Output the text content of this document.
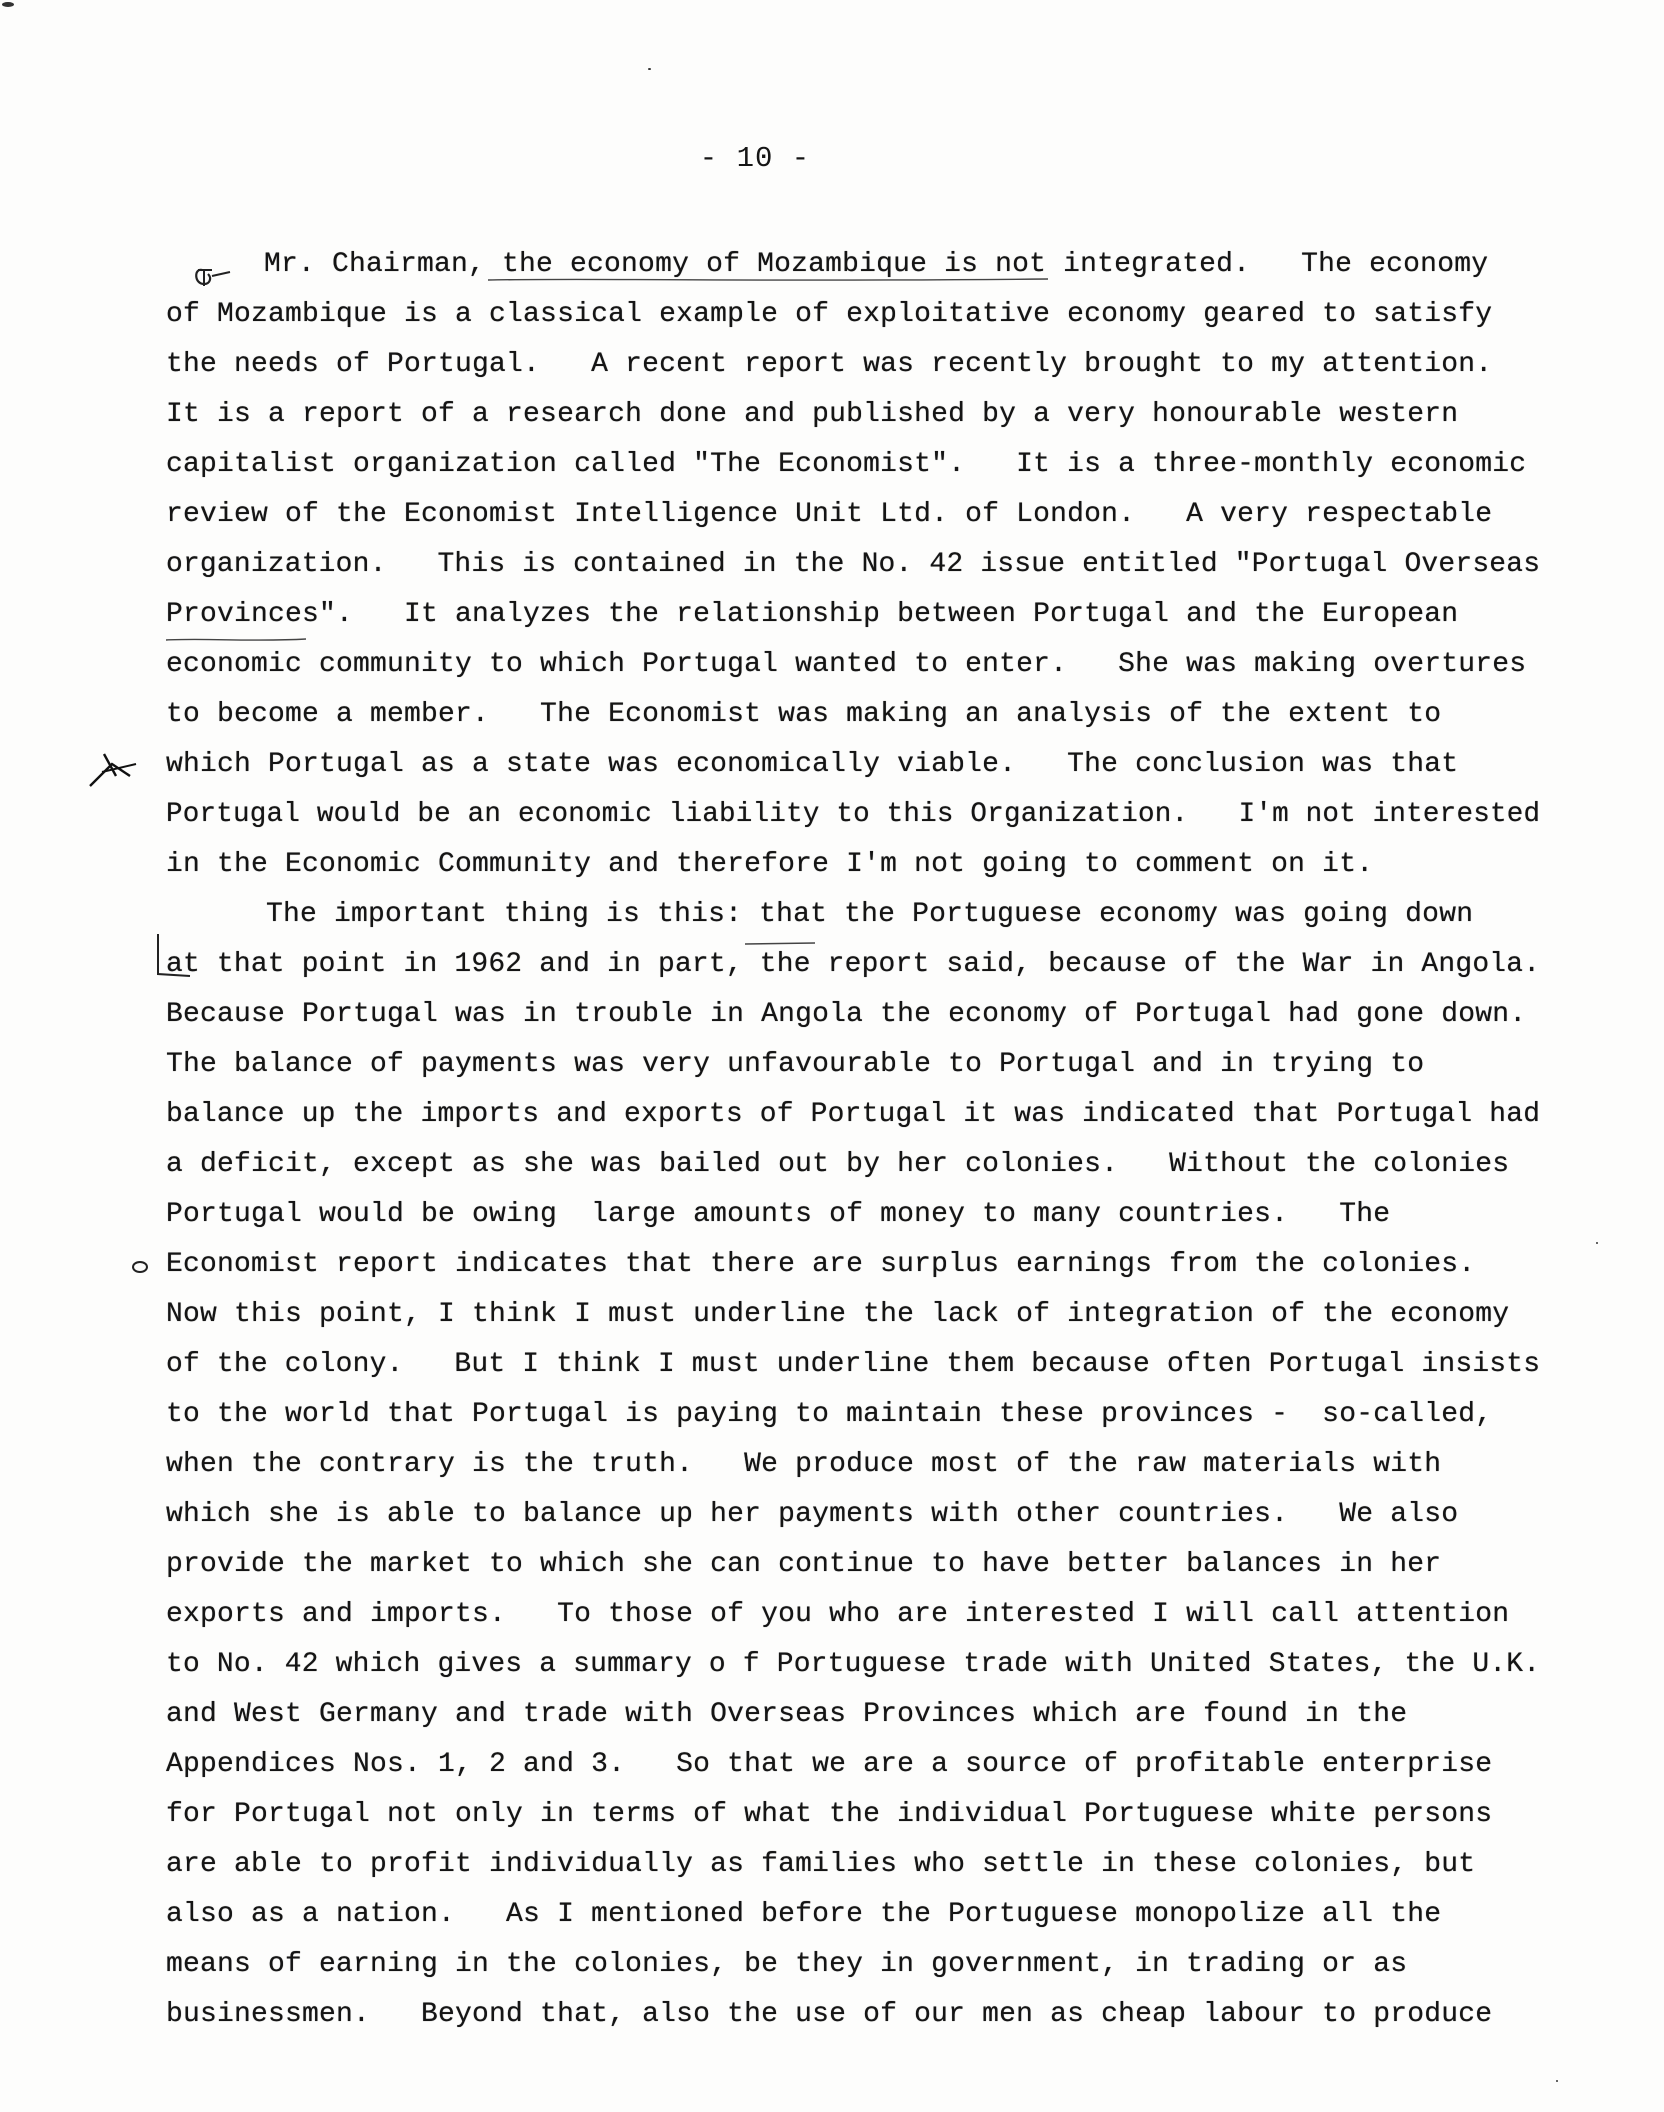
- 10 -
Mr. Chairman, the economy of Mozambique is not integrated.   The economy
of Mozambique is a classical example of exploitative economy geared to satisfy
the needs of Portugal.   A recent report was recently brought to my attention.
It is a report of a research done and published by a very honourable western
capitalist organization called "The Economist".   It is a three-monthly economic
review of the Economist Intelligence Unit Ltd. of London.   A very respectable
organization.   This is contained in the No. 42 issue entitled "Portugal Overseas
Provinces".   It analyzes the relationship between Portugal and the European
economic community to which Portugal wanted to enter.   She was making overtures
to become a member.   The Economist was making an analysis of the extent to
which Portugal as a state was economically viable.   The conclusion was that
Portugal would be an economic liability to this Organization.   I'm not interested
in the Economic Community and therefore I'm not going to comment on it.
The important thing is this: that the Portuguese economy was going down
at that point in 1962 and in part, the report said, because of the War in Angola.
Because Portugal was in trouble in Angola the economy of Portugal had gone down.
The balance of payments was very unfavourable to Portugal and in trying to
balance up the imports and exports of Portugal it was indicated that Portugal had
a deficit, except as she was bailed out by her colonies.   Without the colonies
Portugal would be owing  large amounts of money to many countries.   The
Economist report indicates that there are surplus earnings from the colonies.
Now this point, I think I must underline the lack of integration of the economy
of the colony.   But I think I must underline them because often Portugal insists
to the world that Portugal is paying to maintain these provinces -  so-called,
when the contrary is the truth.   We produce most of the raw materials with
which she is able to balance up her payments with other countries.   We also
provide the market to which she can continue to have better balances in her
exports and imports.   To those of you who are interested I will call attention
to No. 42 which gives a summary o f Portuguese trade with United States, the U.K.
and West Germany and trade with Overseas Provinces which are found in the
Appendices Nos. 1, 2 and 3.   So that we are a source of profitable enterprise
for Portugal not only in terms of what the individual Portuguese white persons
are able to profit individually as families who settle in these colonies, but
also as a nation.   As I mentioned before the Portuguese monopolize all the
means of earning in the colonies, be they in government, in trading or as
businessmen.   Beyond that, also the use of our men as cheap labour to produce
